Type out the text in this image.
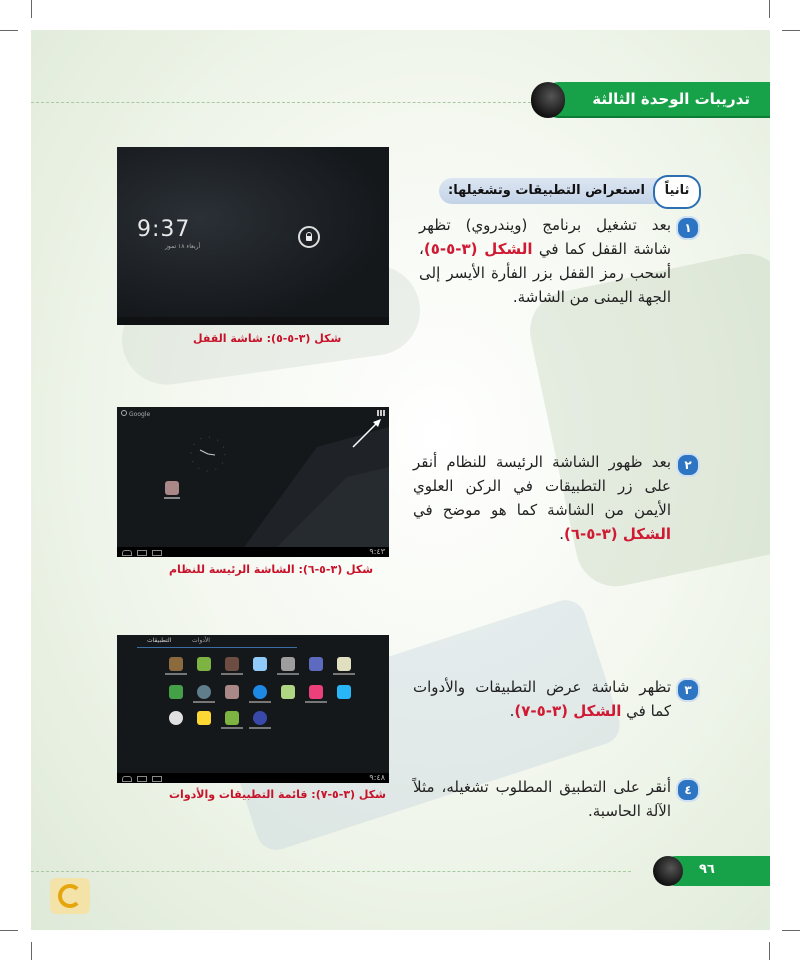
تدريبات الوحدة الثالثة
9:37
أربعاء ١٨ تموز
شكل (٣-٥-٥): شاشة القفل
Google
٩:٤٣
شكل (٣-٥-٦): الشاشة الرئيسة للنظام
الأدوات
التطبيقات
٩:٤٨
شكل (٣-٥-٧): قائمة التطبيقات والأدوات
استعراض التطبيقات وتشغيلها:	ثانياً
١
بعد تشغيل برنامج (ويندروي) تظهر شاشة القفل كما في الشكل (٣-٥-٥)، أسحب رمز القفل بزر الفأرة الأيسر إلى الجهة اليمنى من الشاشة.
٢
بعد ظهور الشاشة الرئيسة للنظام أنقر على زر التطبيقات في الركن العلوي الأيمن من الشاشة كما هو موضح في الشكل (٣-٥-٦).
٣
تظهر شاشة عرض التطبيقات والأدوات كما في الشكل (٣-٥-٧).
٤
أنقر على التطبيق المطلوب تشغيله، مثلاً الآلة الحاسبة.
٩٦
